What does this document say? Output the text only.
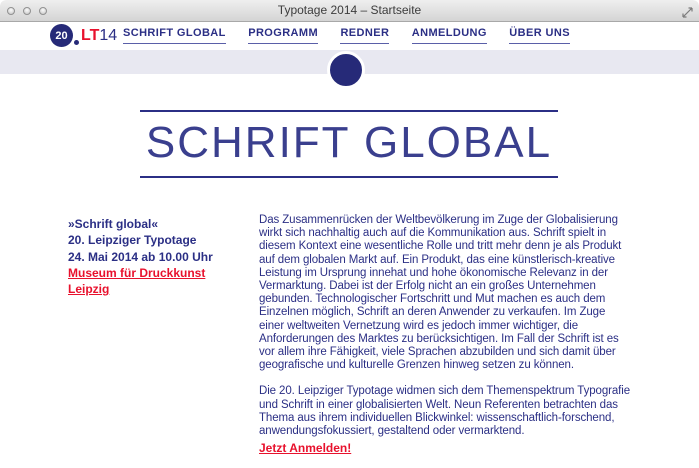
Typotage 2014 – Startseite
20 LT 14 SCHRIFT GLOBAL PROGRAMM REDNER ANMELDUNG ÜBER UNS
SCHRIFT GLOBAL
»Schrift global«
20. Leipziger Typotage
24. Mai 2014 ab 10.00 Uhr
Museum für Druckkunst Leipzig

Das Zusammenrücken der Weltbevölkerung im Zuge der Globalisierung wirkt sich nachhaltig auch auf die Kommunikation aus. Schrift spielt in diesem Kontext eine wesentliche Rolle und tritt mehr denn je als Produkt auf dem globalen Markt auf. Ein Produkt, das eine künstlerisch-kreative Leistung im Ursprung innehat und hohe ökonomische Relevanz in der Vermarktung. Dabei ist der Erfolg nicht an ein großes Unternehmen gebunden. Technologischer Fortschritt und Mut machen es auch dem Einzelnen möglich, Schrift an deren Anwender zu verkaufen. Im Zuge einer weltweiten Vernetzung wird es jedoch immer wichtiger, die Anforderungen des Marktes zu berücksichtigen. Im Fall der Schrift ist es vor allem ihre Fähigkeit, viele Sprachen abzubilden und sich damit über geografische und kulturelle Grenzen hinweg setzen zu können.

Die 20. Leipziger Typotage widmen sich dem Themenspektrum Typografie und Schrift in einer globalisierten Welt. Neun Referenten betrachten das Thema aus ihrem individuellen Blickwinkel: wissenschaftlich-forschend, anwendungsfokussiert, gestaltend oder vermarktend.

Jetzt Anmelden!
